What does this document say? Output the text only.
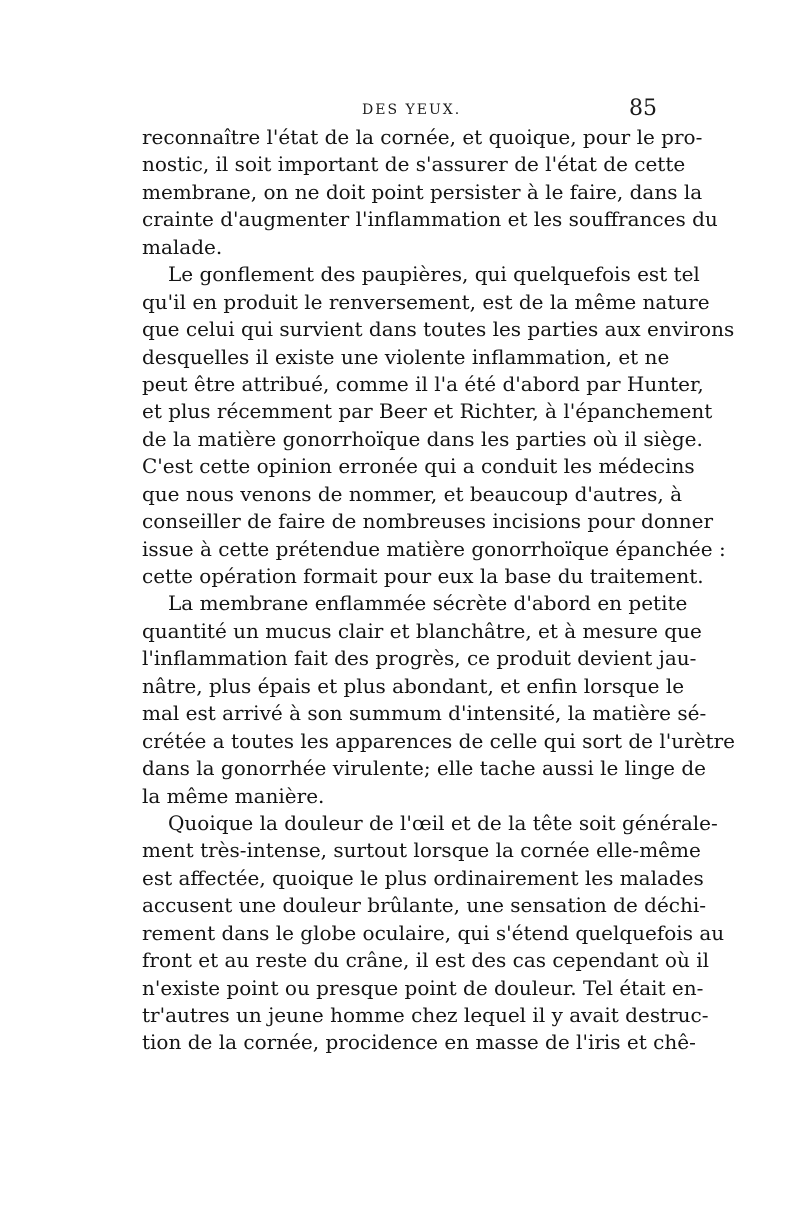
DES YEUX.	85
reconnaître l'état de la cornée, et quoique, pour le pro-
nostic, il soit important de s'assurer de l'état de cette
membrane, on ne doit point persister à le faire, dans la
crainte d'augmenter l'inflammation et les souffrances du
malade.
Le gonflement des paupières, qui quelquefois est tel
qu'il en produit le renversement, est de la même nature
que celui qui survient dans toutes les parties aux environs
desquelles il existe une violente inflammation, et ne
peut être attribué, comme il l'a été d'abord par Hunter,
et plus récemment par Beer et Richter, à l'épanchement
de la matière gonorrhoïque dans les parties où il siège.
C'est cette opinion erronée qui a conduit les médecins
que nous venons de nommer, et beaucoup d'autres, à
conseiller de faire de nombreuses incisions pour donner
issue à cette prétendue matière gonorrhoïque épanchée :
cette opération formait pour eux la base du traitement.
La membrane enflammée sécrète d'abord en petite
quantité un mucus clair et blanchâtre, et à mesure que
l'inflammation fait des progrès, ce produit devient jau-
nâtre, plus épais et plus abondant, et enfin lorsque le
mal est arrivé à son summum d'intensité, la matière sé-
crétée a toutes les apparences de celle qui sort de l'urètre
dans la gonorrhée virulente; elle tache aussi le linge de
la même manière.
Quoique la douleur de l'œil et de la tête soit générale-
ment très-intense, surtout lorsque la cornée elle-même
est affectée, quoique le plus ordinairement les malades
accusent une douleur brûlante, une sensation de déchi-
rement dans le globe oculaire, qui s'étend quelquefois au
front et au reste du crâne, il est des cas cependant où il
n'existe point ou presque point de douleur. Tel était en-
tr'autres un jeune homme chez lequel il y avait destruc-
tion de la cornée, procidence en masse de l'iris et chê-
